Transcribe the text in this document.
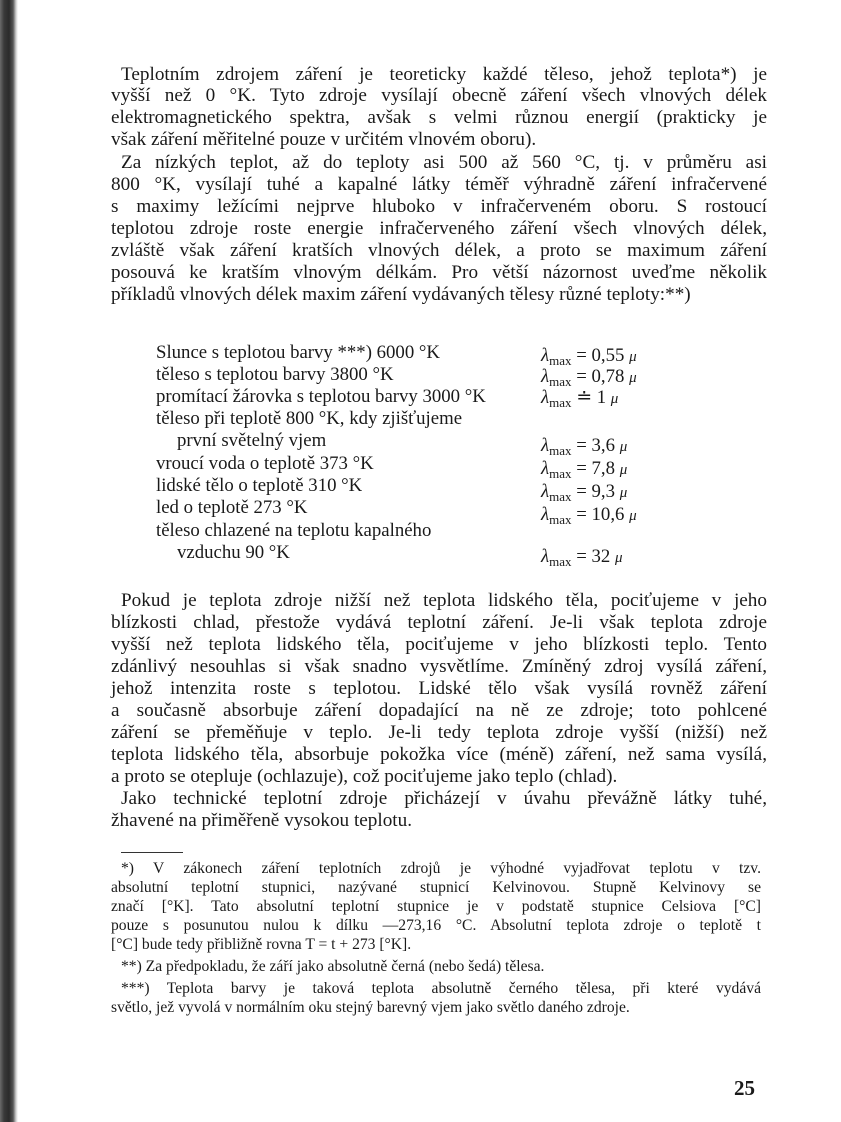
Teplotním zdrojem záření je teoreticky každé těleso, jehož teplota*) je
vyšší než 0 °K. Tyto zdroje vysílají obecně záření všech vlnových délek
elektromagnetického spektra, avšak s velmi různou energií (prakticky je
však záření měřitelné pouze v určitém vlnovém oboru).
Za nízkých teplot, až do teploty asi 500 až 560 °C, tj. v průměru asi
800 °K, vysílají tuhé a kapalné látky téměř výhradně záření infračervené
s maximy ležícími nejprve hluboko v infračerveném oboru. S rostoucí
teplotou zdroje roste energie infračerveného záření všech vlnových délek,
zvláště však záření kratších vlnových délek, a proto se maximum záření
posouvá ke kratším vlnovým délkám. Pro větší názornost uveďme několik
příkladů vlnových délek maxim záření vydávaných tělesy různé teploty:**)
Slunce s teplotou barvy ***) 6000 °K	$\lambda_{max} = 0,55$ μ
těleso s teplotou barvy 3800 °K	$\lambda_{max} = 0,78$ μ
promítací žárovka s teplotou barvy 3000 °K	$\lambda_{max}$ ≐ 1 μ
těleso při teplotě 800 °K, kdy zjišťujeme
první světelný vjem	$\lambda_{max} = 3,6$ μ
vroucí voda o teplotě 373 °K	$\lambda_{max} = 7,8$ μ
lidské tělo o teplotě 310 °K	$\lambda_{max} = 9,3$ μ
led o teplotě 273 °K	$\lambda_{max} = 10,6$ μ
těleso chlazené na teplotu kapalného
vzduchu 90 °K	$\lambda_{max} = 32$ μ
Pokud je teplota zdroje nižší než teplota lidského těla, pociťujeme v jeho
blízkosti chlad, přestože vydává teplotní záření. Je-li však teplota zdroje
vyšší než teplota lidského těla, pociťujeme v jeho blízkosti teplo. Tento
zdánlivý nesouhlas si však snadno vysvětlíme. Zmíněný zdroj vysílá záření,
jehož intenzita roste s teplotou. Lidské tělo však vysílá rovněž záření
a současně absorbuje záření dopadající na ně ze zdroje; toto pohlcené
záření se přeměňuje v teplo. Je-li tedy teplota zdroje vyšší (nižší) než
teplota lidského těla, absorbuje pokožka více (méně) záření, než sama vysílá,
a proto se otepluje (ochlazuje), což pociťujeme jako teplo (chlad).
Jako technické teplotní zdroje přicházejí v úvahu převážně látky tuhé,
žhavené na přiměřeně vysokou teplotu.
*) V zákonech záření teplotních zdrojů je výhodné vyjadřovat teplotu v tzv.
absolutní teplotní stupnici, nazývané stupnicí Kelvinovou. Stupně Kelvinovy se
značí [°K]. Tato absolutní teplotní stupnice je v podstatě stupnice Celsiova [°C]
pouze s posunutou nulou k dílku —273,16 °C. Absolutní teplota zdroje o teplotě t
[°C] bude tedy přibližně rovna T = t + 273 [°K].
**) Za předpokladu, že září jako absolutně černá (nebo šedá) tělesa.
***) Teplota barvy je taková teplota absolutně černého tělesa, při které vydává
světlo, jež vyvolá v normálním oku stejný barevný vjem jako světlo daného zdroje.
25
